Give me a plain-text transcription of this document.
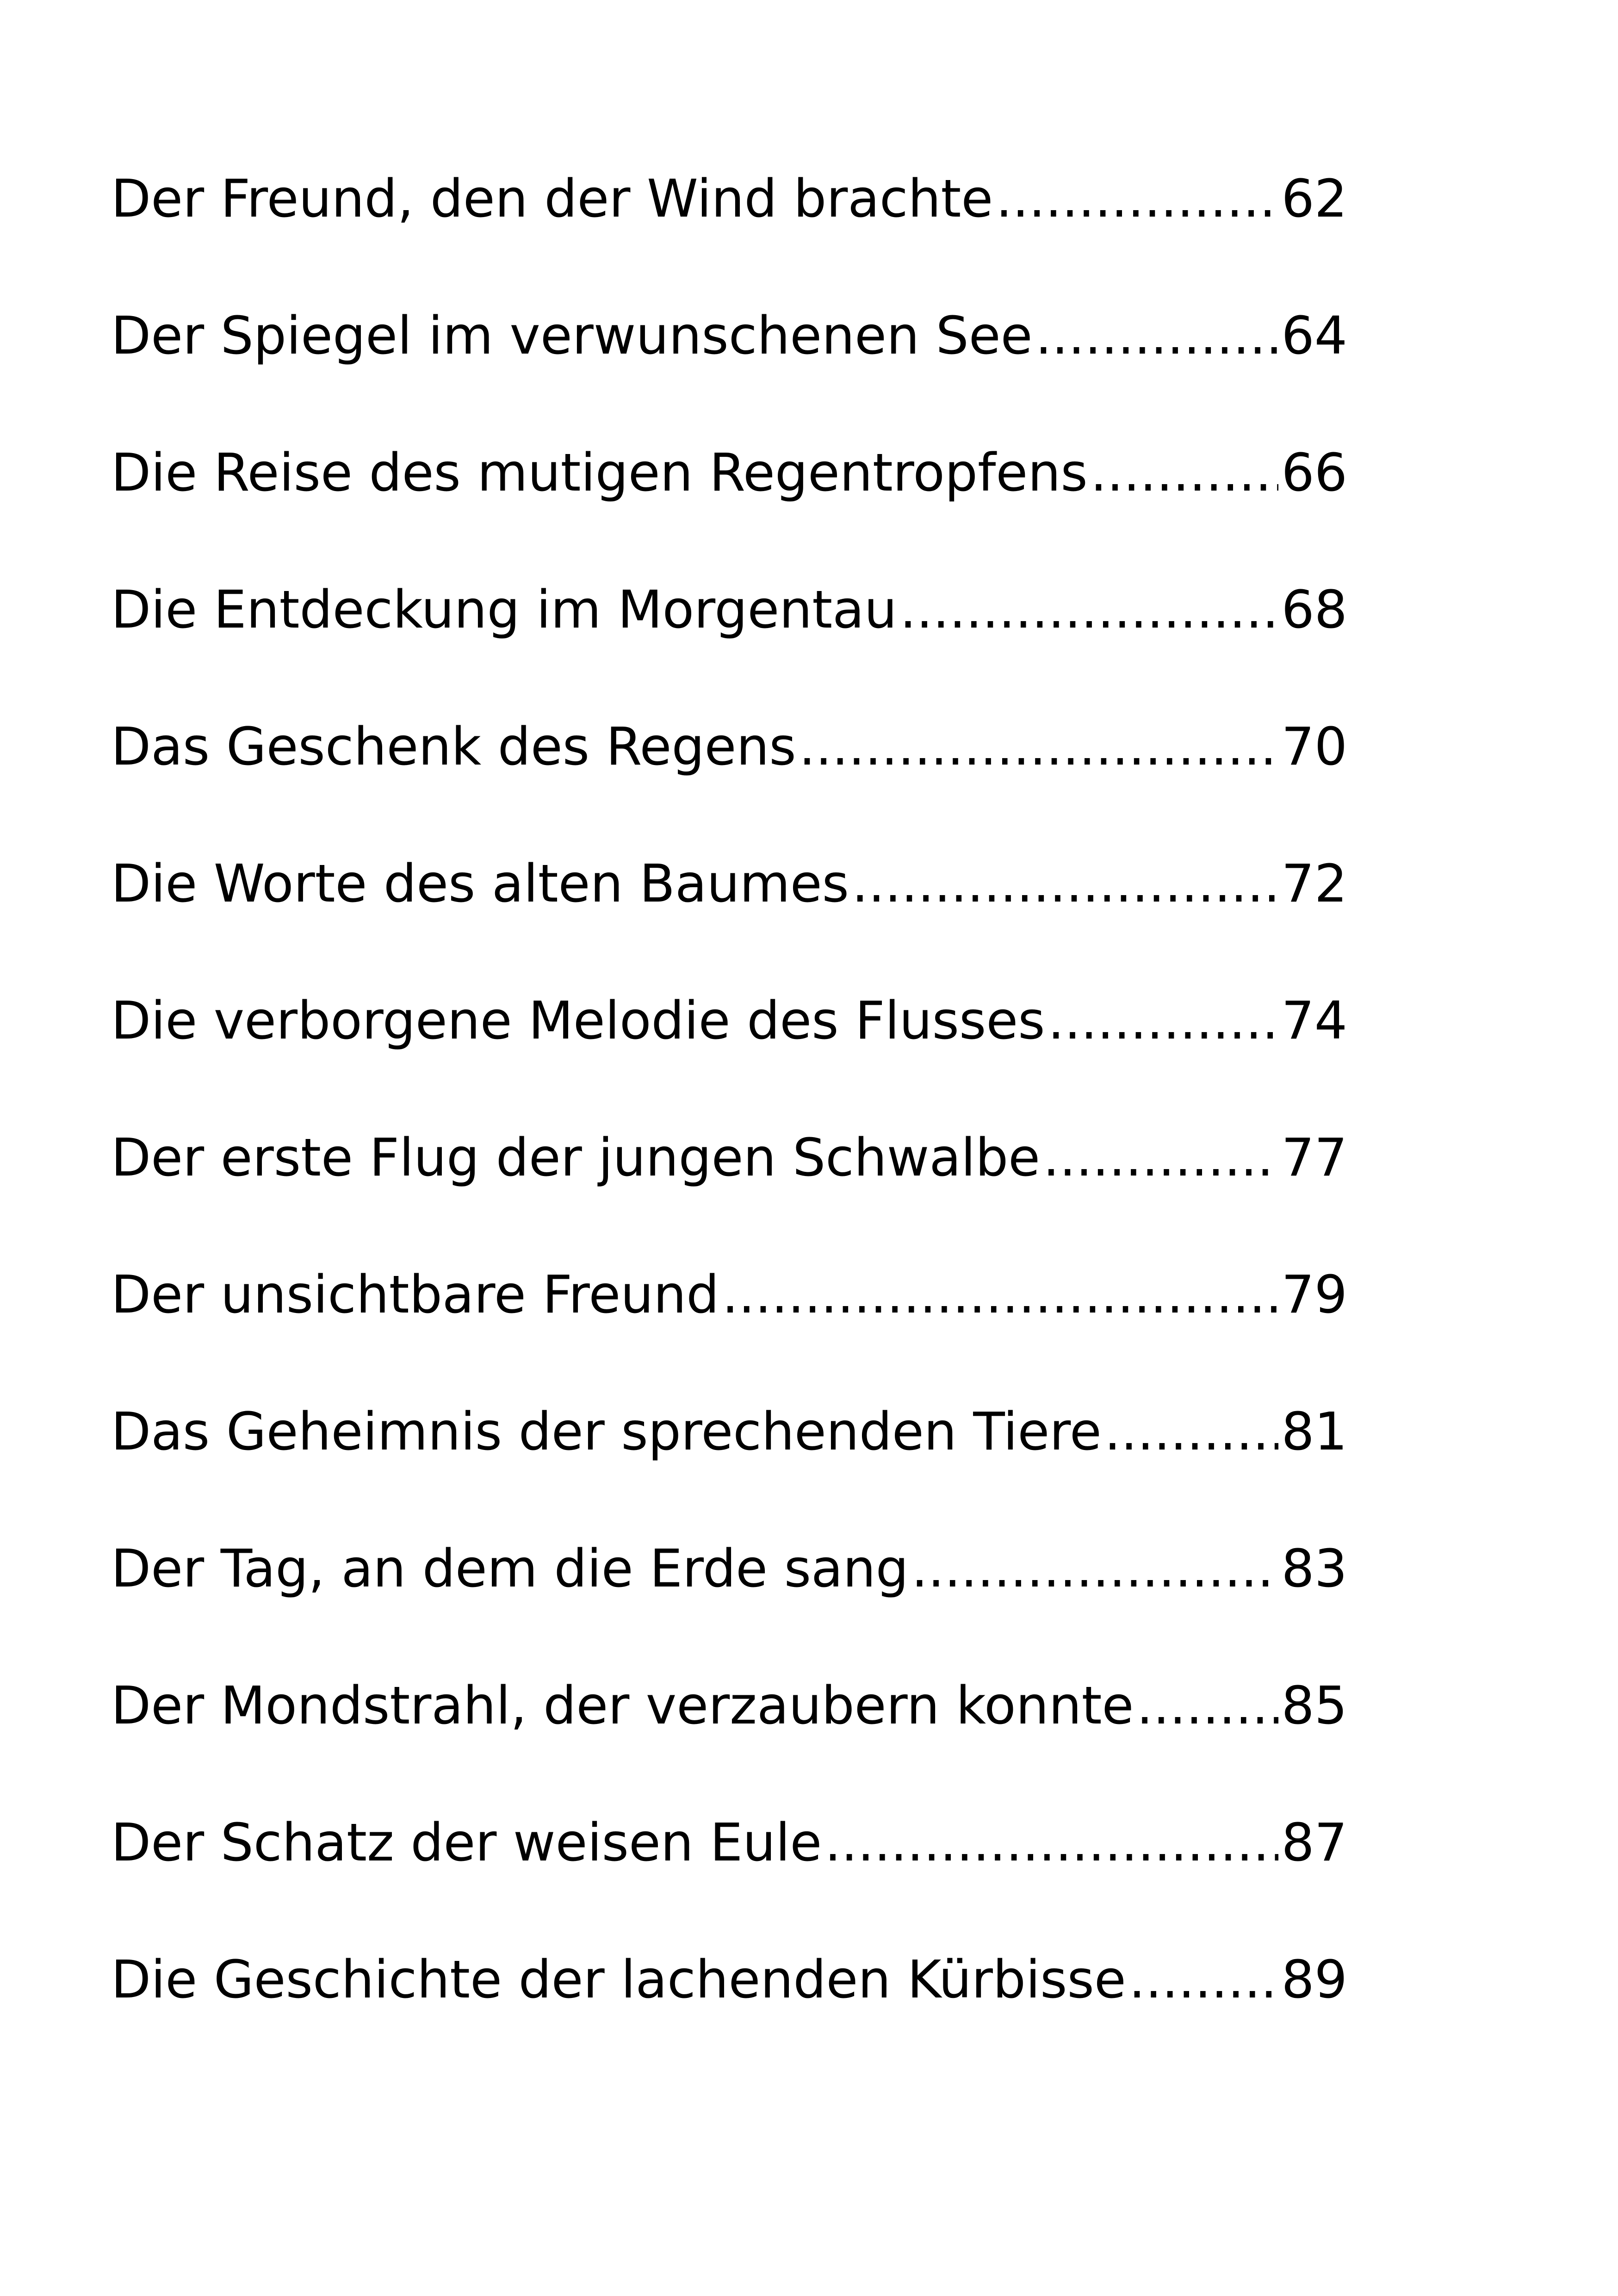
Der Freund, den der Wind brachte .....	62
Der Spiegel im verwunschenen See .....	64
Die Reise des mutigen Regentropfens .....	66
Die Entdeckung im Morgentau .....	68
Das Geschenk des Regens .....	70
Die Worte des alten Baumes .....	72
Die verborgene Melodie des Flusses .....	74
Der erste Flug der jungen Schwalbe .....	77
Der unsichtbare Freund .....	79
Das Geheimnis der sprechenden Tiere .....	81
Der Tag, an dem die Erde sang .....	83
Der Mondstrahl, der verzaubern konnte .....	85
Der Schatz der weisen Eule .....	87
Die Geschichte der lachenden Kürbisse .....	89
